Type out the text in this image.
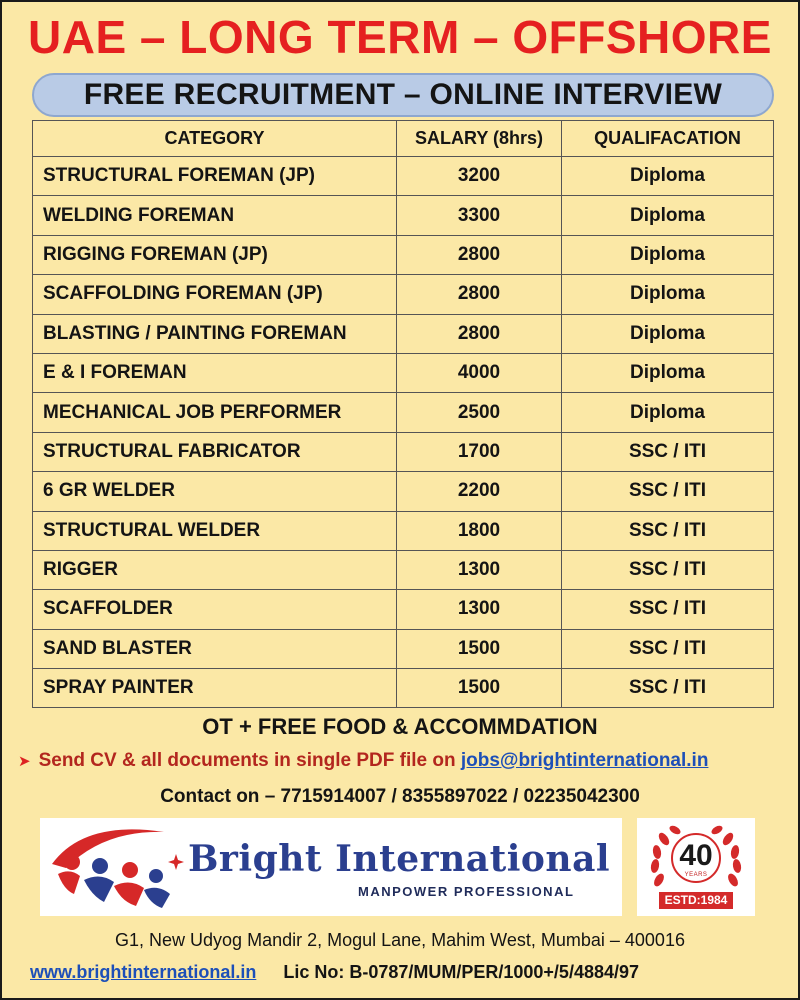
UAE – LONG TERM – OFFSHORE
FREE RECRUITMENT – ONLINE INTERVIEW
CATEGORY	SALARY (8hrs)	QUALIFACATION
STRUCTURAL FOREMAN (JP)	3200	Diploma
WELDING FOREMAN	3300	Diploma
RIGGING FOREMAN (JP)	2800	Diploma
SCAFFOLDING FOREMAN (JP)	2800	Diploma
BLASTING / PAINTING FOREMAN	2800	Diploma
E & I FOREMAN	4000	Diploma
MECHANICAL JOB PERFORMER	2500	Diploma
STRUCTURAL FABRICATOR	1700	SSC / ITI
6 GR WELDER	2200	SSC / ITI
STRUCTURAL WELDER	1800	SSC / ITI
RIGGER	1300	SSC / ITI
SCAFFOLDER	1300	SSC / ITI
SAND BLASTER	1500	SSC / ITI
SPRAY PAINTER	1500	SSC / ITI
OT + FREE FOOD & ACCOMMDATION
➤ Send CV & all documents in single PDF file on jobs@brightinternational.in
Contact on – 7715914007 / 8355897022 / 02235042300
Bright International
MANPOWER PROFESSIONAL
40
YEARS
ESTD:1984
G1, New Udyog Mandir 2, Mogul Lane, Mahim West, Mumbai – 400016
www.brightinternational.in Lic No: B-0787/MUM/PER/1000+/5/4884/97
